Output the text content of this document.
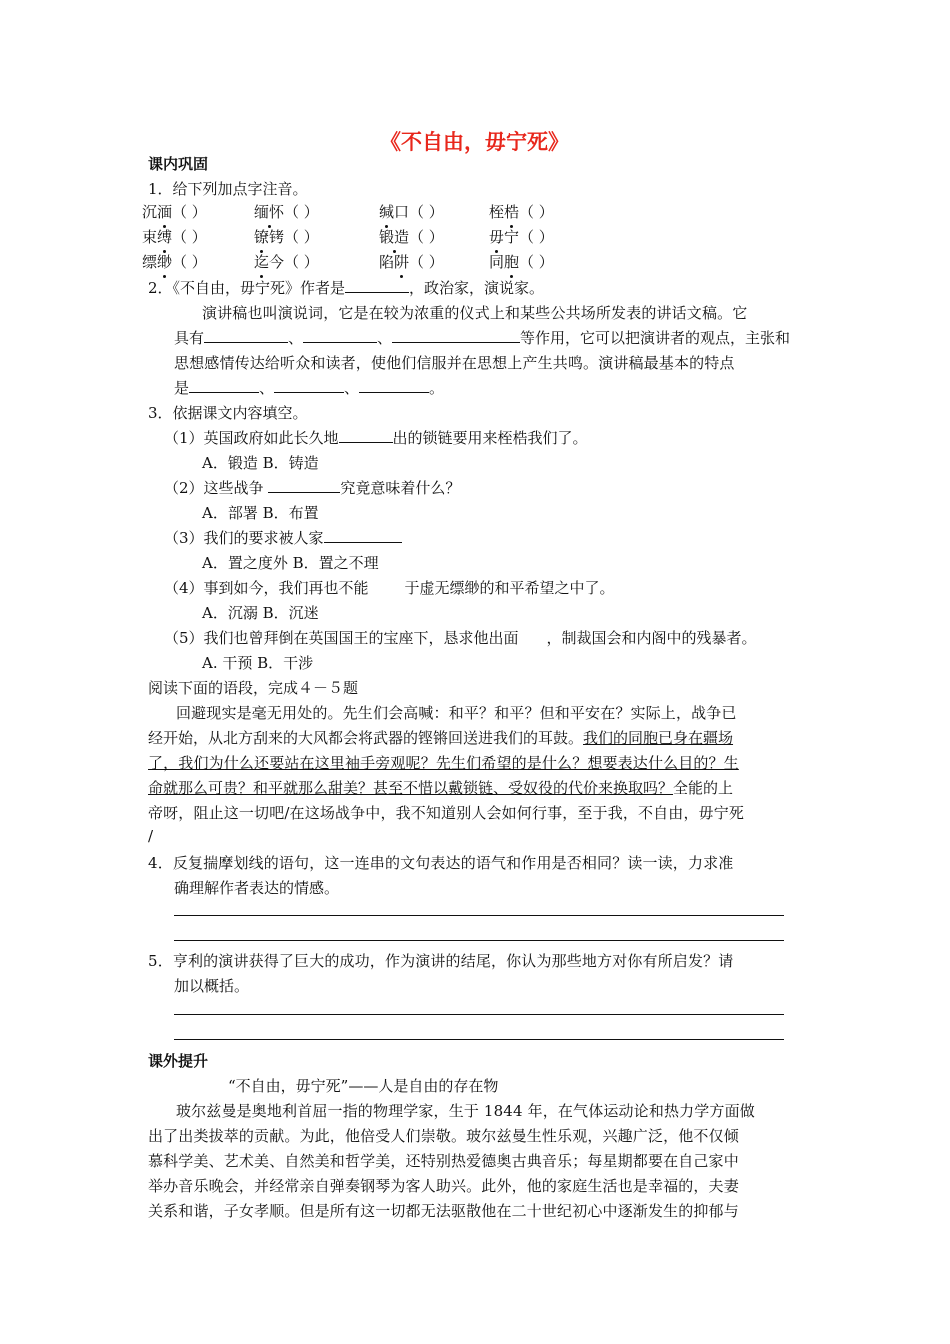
《不自由，毋宁死》
课内巩固
1．给下列加点字注音。
沉湎（ ）	缅怀（ ）	缄口（ ）	桎梏（ ）
束缚（ ）	镣铐（ ）	锻造（ ）	毋宁（ ）
缥缈（ ）	迄今（ ）	陷阱（ ）	同胞（ ）
2．《不自由，毋宁死》作者是	，政治家，演说家。
演讲稿也叫演说词，它是在较为浓重的仪式上和某些公共场所发表的讲话文稿。它
具有	、	、	等作用，它可以把演讲者的观点，主张和
思想感情传达给听众和读者，使他们信服并在思想上产生共鸣。演讲稿最基本的特点
是	、	、	。
3．依据课文内容填空。
（1）英国政府如此长久地	出的锁链要用来桎梏我们了。
A．锻造 B．铸造
（2）这些战争	究竟意味着什么？
A．部署 B．布置
（3）我们的要求被人家
A．置之度外 B．置之不理
（4）事到如今，我们再也不能 于虚无缥缈的和平希望之中了。
A．沉溺 B．沉迷
（5）我们也曾拜倒在英国国王的宝座下，恳求他出面 ，制裁国会和内阁中的残暴者。
A. 干预 B．干涉
阅读下面的语段，完成４－５题
回避现实是毫无用处的。先生们会高喊：和平？和平？但和平安在？实际上，战争已
经开始，从北方刮来的大风都会将武器的铿锵回送进我们的耳鼓。我们的同胞已身在疆场
了，我们为什么还要站在这里袖手旁观呢？先生们希望的是什么？想要表达什么目的？生
命就那么可贵？和平就那么甜美？甚至不惜以戴锁链、受奴役的代价来换取吗？全能的上
帝呀，阻止这一切吧/在这场战争中，我不知道别人会如何行事，至于我，不自由，毋宁死
/
4．反复揣摩划线的语句，这一连串的文句表达的语气和作用是否相同？读一读，力求准
确理解作者表达的情感。
5．亨利的演讲获得了巨大的成功，作为演讲的结尾，你认为那些地方对你有所启发？请
加以概括。
课外提升
“不自由，毋宁死”——人是自由的存在物
玻尔兹曼是奥地利首屈一指的物理学家，生于 1844 年，在气体运动论和热力学方面做
出了出类拔萃的贡献。为此，他倍受人们崇敬。玻尔兹曼生性乐观，兴趣广泛，他不仅倾
慕科学美、艺术美、自然美和哲学美，还特别热爱德奥古典音乐；每星期都要在自己家中
举办音乐晚会，并经常亲自弹奏钢琴为客人助兴。此外，他的家庭生活也是幸福的，夫妻
关系和谐，子女孝顺。但是所有这一切都无法驱散他在二十世纪初心中逐渐发生的抑郁与
